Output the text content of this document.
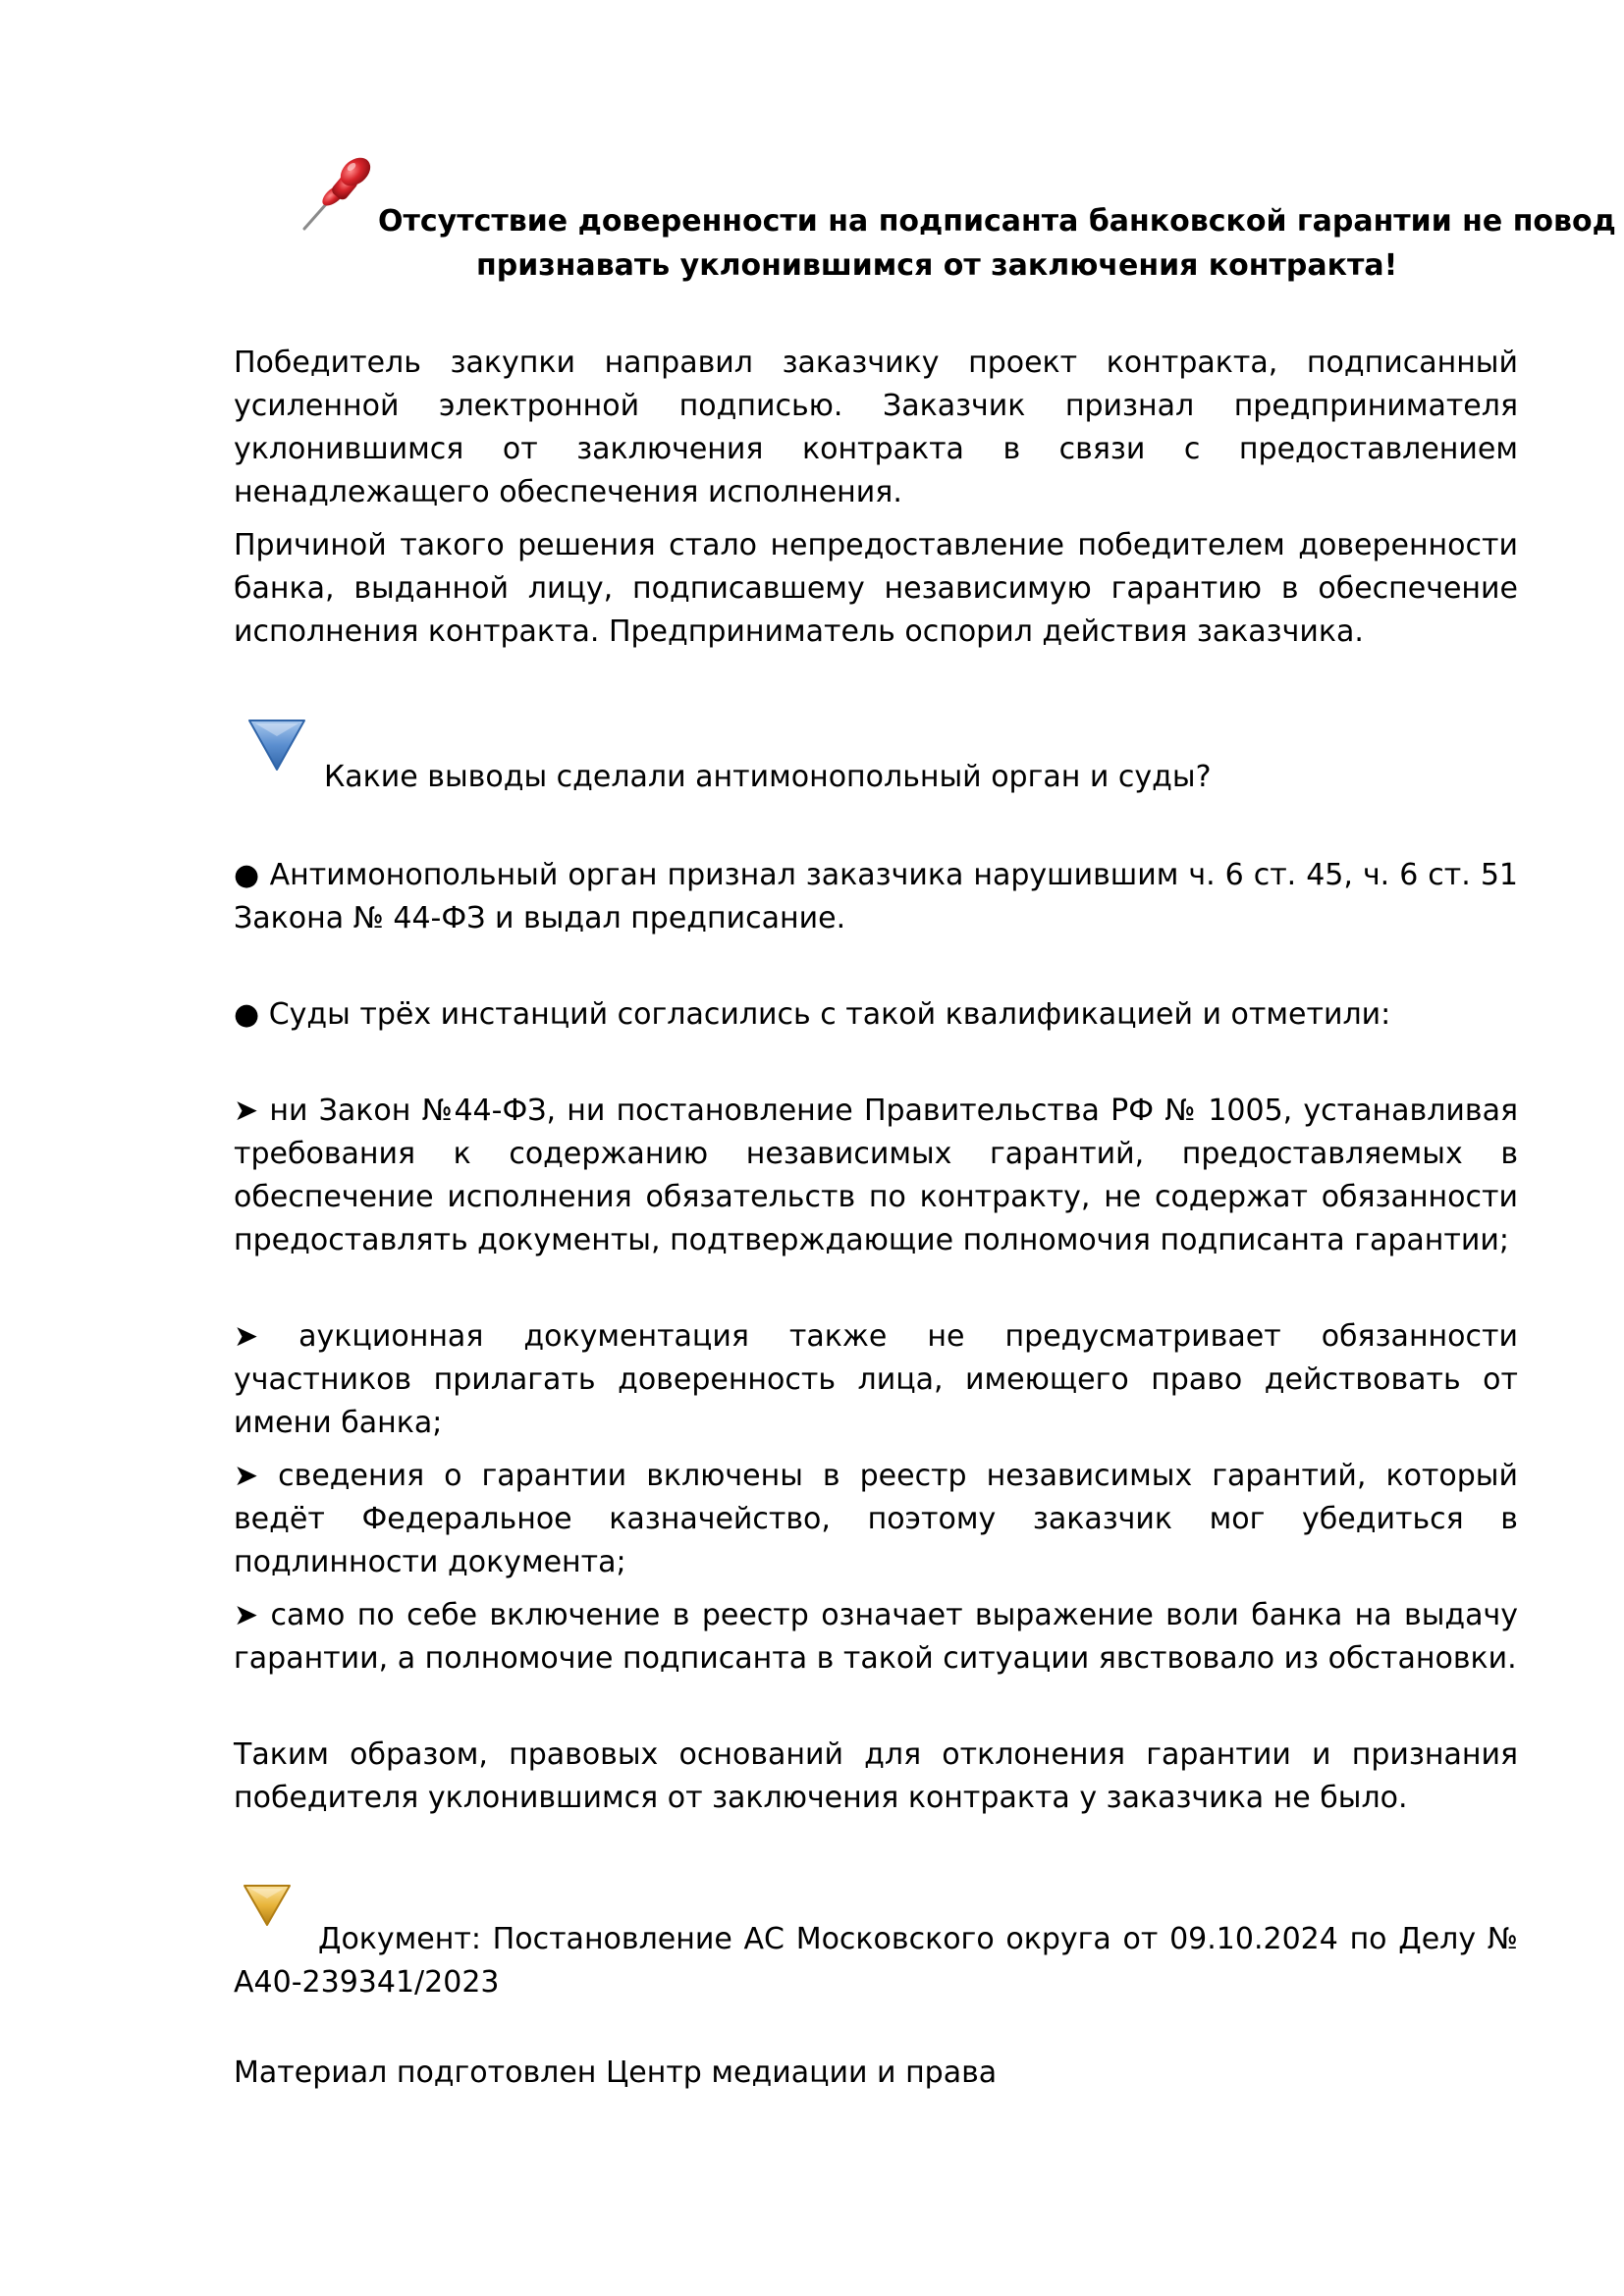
Отсутствие доверенности на подписанта банковской гарантии не повод
признавать уклонившимся от заключения контракта!

Победитель закупки направил заказчику проект контракта, подписанный усиленной электронной подписью. Заказчик признал предпринимателя уклонившимся от заключения контракта в связи с предоставлением ненадлежащего обеспечения исполнения.

Причиной такого решения стало непредоставление победителем доверенности банка, выданной лицу, подписавшему независимую гарантию в обеспечение исполнения контракта. Предприниматель оспорил действия заказчика.

Какие выводы сделали антимонопольный орган и суды?

● Антимонопольный орган признал заказчика нарушившим ч. 6 ст. 45, ч. 6 ст. 51 Закона № 44-ФЗ и выдал предписание.

● Суды трёх инстанций согласились с такой квалификацией и отметили:

➤ ни Закон №44-ФЗ, ни постановление Правительства РФ № 1005, устанавливая требования к содержанию независимых гарантий, предоставляемых в обеспечение исполнения обязательств по контракту, не содержат обязанности предоставлять документы, подтверждающие полномочия подписанта гарантии;

➤ аукционная документация также не предусматривает обязанности участников прилагать доверенность лица, имеющего право действовать от имени банка;

➤ сведения о гарантии включены в реестр независимых гарантий, который ведёт Федеральное казначейство, поэтому заказчик мог убедиться в подлинности документа;

➤ само по себе включение в реестр означает выражение воли банка на выдачу гарантии, а полномочие подписанта в такой ситуации явствовало из обстановки.

Таким образом, правовых оснований для отклонения гарантии и признания победителя уклонившимся от заключения контракта у заказчика не было.

Документ: Постановление АС Московского округа от 09.10.2024 по Делу № А40-239341/2023

Материал подготовлен Центр медиации и права
